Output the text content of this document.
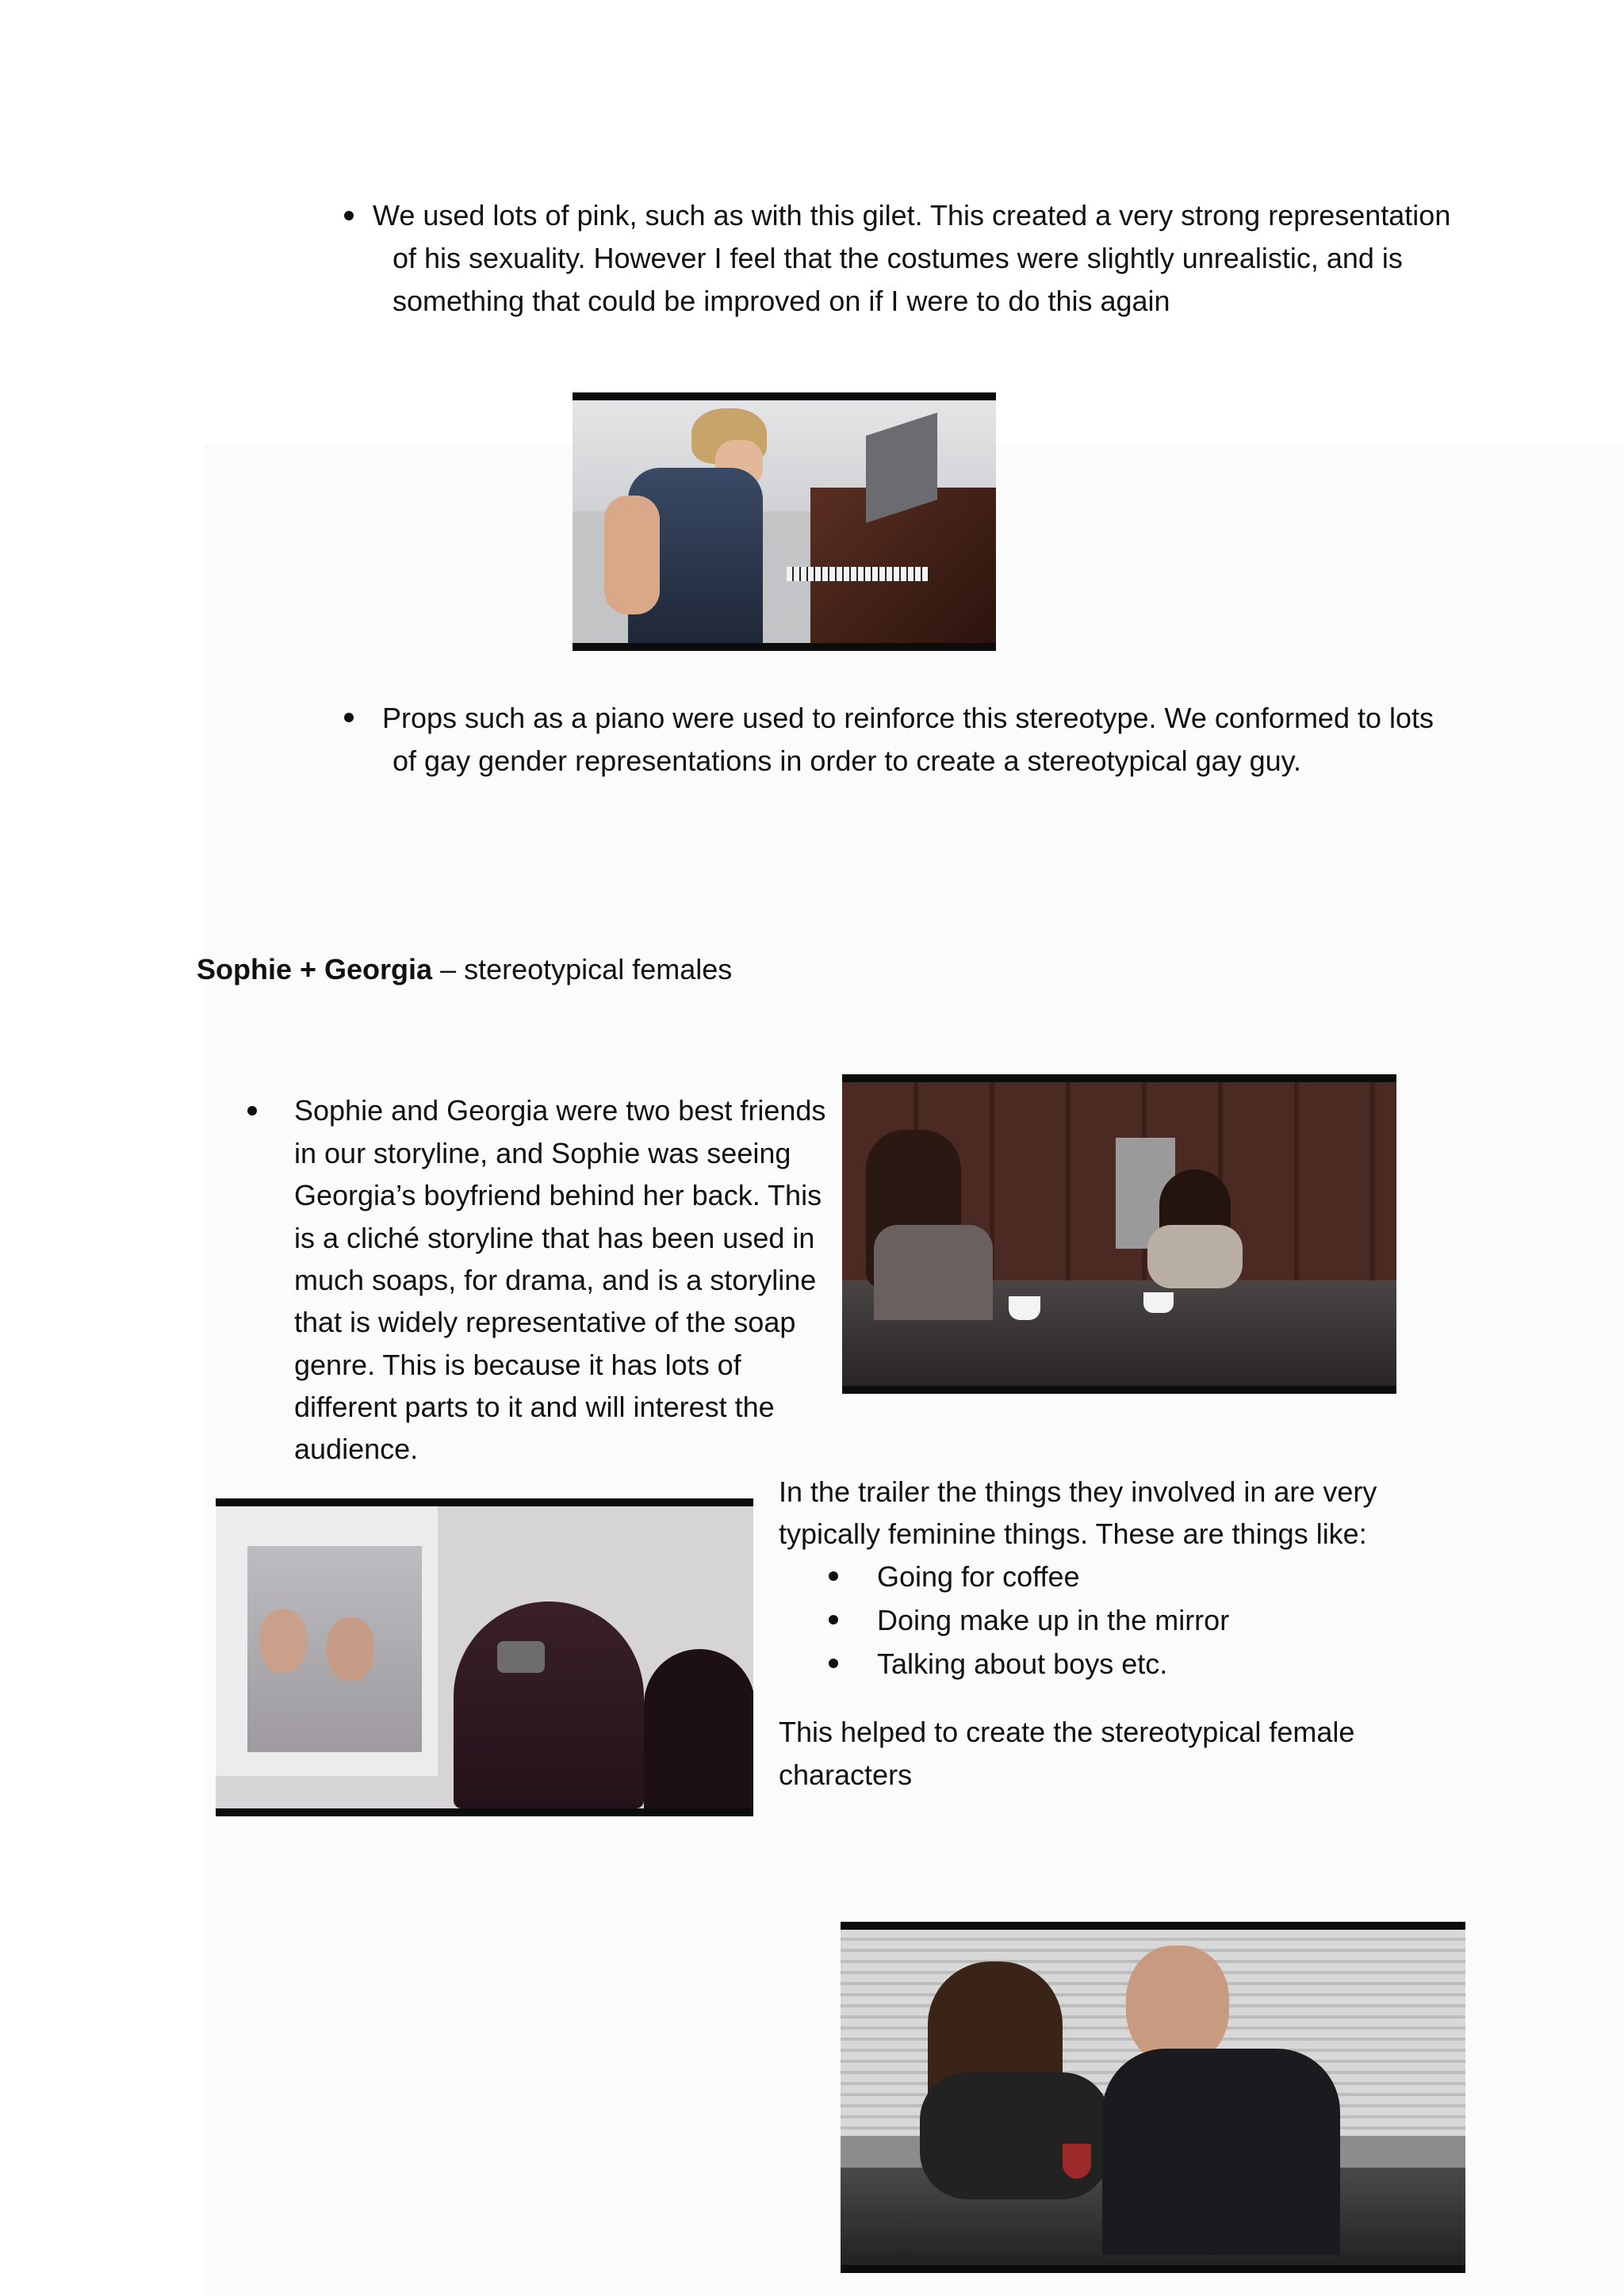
We used lots of pink, such as with this gilet. This created a very strong representation
of his sexuality. However I feel that the costumes were slightly unrealistic, and is
something that could be improved on if I were to do this again
Props such as a piano were used to reinforce this stereotype. We conformed to lots
of gay gender representations in order to create a stereotypical gay guy.
Sophie + Georgia – stereotypical females
Sophie and Georgia were two best friends
in our storyline, and Sophie was seeing
Georgia’s boyfriend behind her back. This
is a cliché storyline that has been used in
much soaps, for drama, and is a storyline
that is widely representative of the soap
genre. This is because it has lots of
different parts to it and will interest the
audience.
In the trailer the things they involved in are very
typically feminine things. These are things like:
Going for coffee
Doing make up in the mirror
Talking about boys etc.
This helped to create the stereotypical female
characters
